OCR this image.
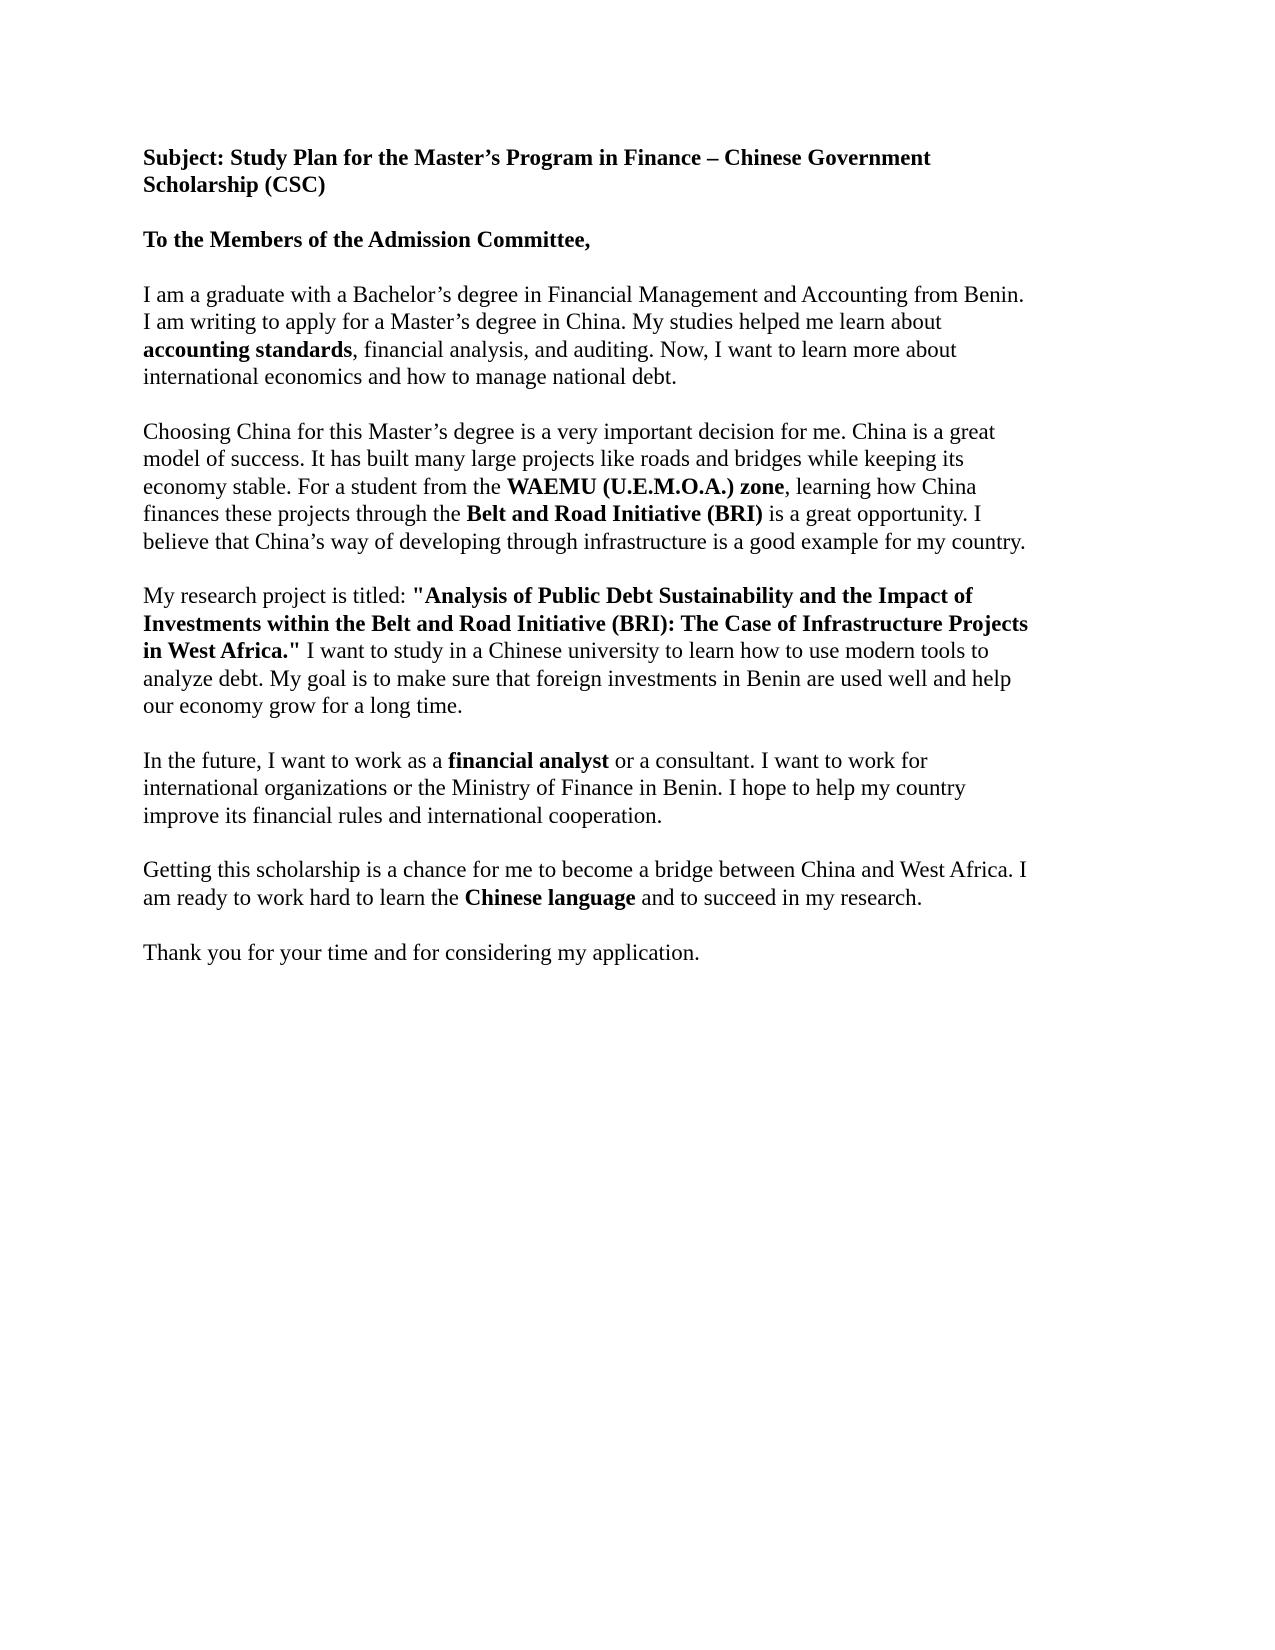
Subject: Study Plan for the Master’s Program in Finance – Chinese Government
Scholarship (CSC)
To the Members of the Admission Committee,
I am a graduate with a Bachelor’s degree in Financial Management and Accounting from Benin.
I am writing to apply for a Master’s degree in China. My studies helped me learn about
accounting standards, financial analysis, and auditing. Now, I want to learn more about
international economics and how to manage national debt.
Choosing China for this Master’s degree is a very important decision for me. China is a great
model of success. It has built many large projects like roads and bridges while keeping its
economy stable. For a student from the WAEMU (U.E.M.O.A.) zone, learning how China
finances these projects through the Belt and Road Initiative (BRI) is a great opportunity. I
believe that China’s way of developing through infrastructure is a good example for my country.
My research project is titled: "Analysis of Public Debt Sustainability and the Impact of
Investments within the Belt and Road Initiative (BRI): The Case of Infrastructure Projects
in West Africa." I want to study in a Chinese university to learn how to use modern tools to
analyze debt. My goal is to make sure that foreign investments in Benin are used well and help
our economy grow for a long time.
In the future, I want to work as a financial analyst or a consultant. I want to work for
international organizations or the Ministry of Finance in Benin. I hope to help my country
improve its financial rules and international cooperation.
Getting this scholarship is a chance for me to become a bridge between China and West Africa. I
am ready to work hard to learn the Chinese language and to succeed in my research.
Thank you for your time and for considering my application.
